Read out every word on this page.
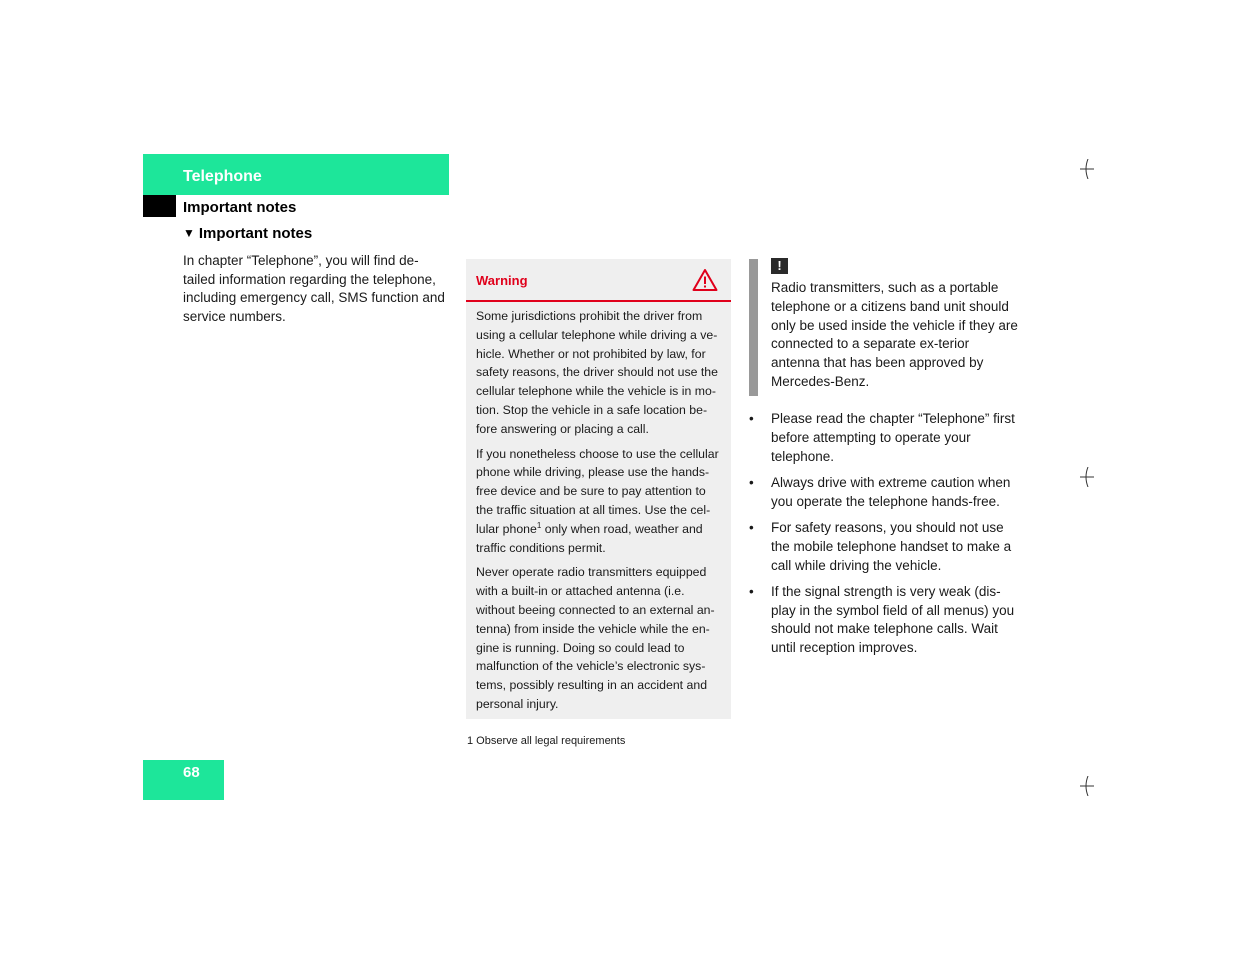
Telephone
Important notes
▼ Important notes
In chapter “Telephone”, you will find de-tailed information regarding the telephone, including emergency call, SMS function and service numbers.
Warning

Some jurisdictions prohibit the driver from using a cellular telephone while driving a ve-hicle. Whether or not prohibited by law, for safety reasons, the driver should not use the cellular telephone while the vehicle is in mo-tion. Stop the vehicle in a safe location be-fore answering or placing a call.

If you nonetheless choose to use the cellular phone while driving, please use the hands-free device and be sure to pay attention to the traffic situation at all times. Use the cel-lular phone$^1$ only when road, weather and traffic conditions permit.

Never operate radio transmitters equipped with a built-in or attached antenna (i.e. without beeing connected to an external an-tenna) from inside the vehicle while the en-gine is running. Doing so could lead to malfunction of the vehicle’s electronic sys-tems, possibly resulting in an accident and personal injury.

1 Observe all legal requirements
!
Radio transmitters, such as a portable telephone or a citizens band unit should only be used inside the vehicle if they are connected to a separate ex-terior antenna that has been approved by Mercedes-Benz.
• Please read the chapter “Telephone” first before attempting to operate your telephone.
• Always drive with extreme caution when you operate the telephone hands-free.
• For safety reasons, you should not use the mobile telephone handset to make a call while driving the vehicle.
• If the signal strength is very weak (dis-play in the symbol field of all menus) you should not make telephone calls. Wait until reception improves.
68
